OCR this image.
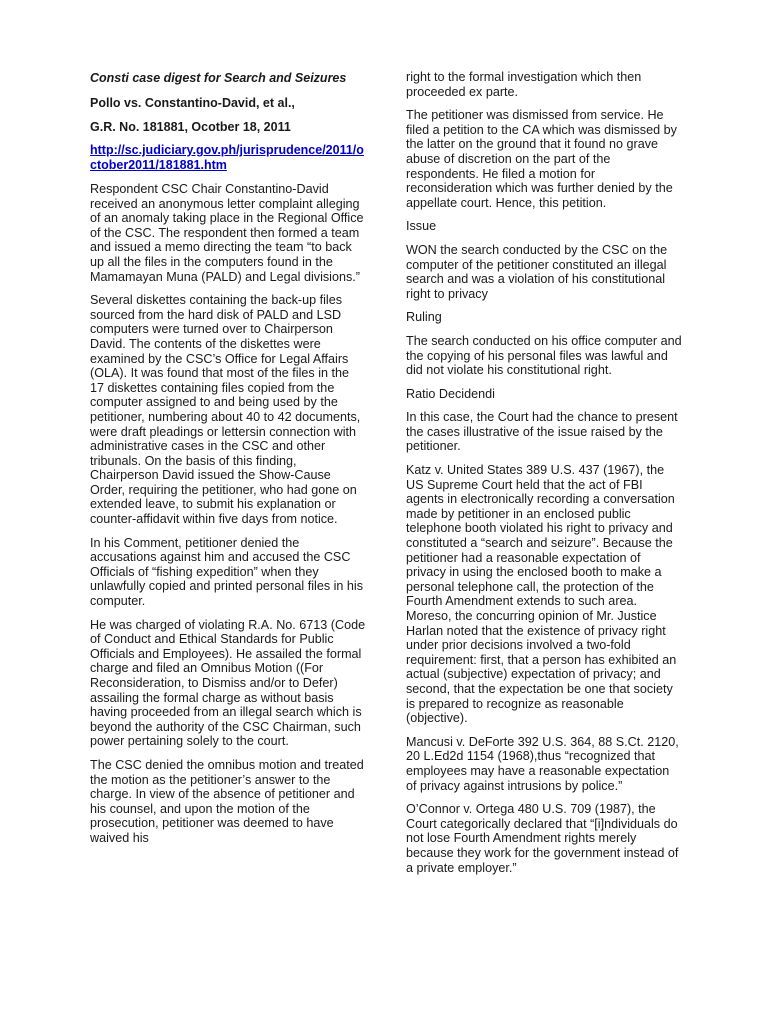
Consti case digest for Search and Seizures
Pollo vs. Constantino-David, et al.,
G.R. No. 181881, Ocotber 18, 2011
http://sc.judiciary.gov.ph/jurisprudence/2011/october2011/181881.htm

Respondent CSC Chair Constantino-David received an anonymous letter complaint alleging of an anomaly taking place in the Regional Office of the CSC. The respondent then formed a team and issued a memo directing the team “to back up all the files in the computers found in the Mamamayan Muna (PALD) and Legal divisions.”

Several diskettes containing the back-up files sourced from the hard disk of PALD and LSD computers were turned over to Chairperson David. The contents of the diskettes were examined by the CSC’s Office for Legal Affairs (OLA). It was found that most of the files in the 17 diskettes containing files copied from the computer assigned to and being used by the petitioner, numbering about 40 to 42 documents, were draft pleadings or lettersin connection with administrative cases in the CSC and other tribunals. On the basis of this finding, Chairperson David issued the Show-Cause Order, requiring the petitioner, who had gone on extended leave, to submit his explanation or counter-affidavit within five days from notice.

In his Comment, petitioner denied the accusations against him and accused the CSC Officials of “fishing expedition” when they unlawfully copied and printed personal files in his computer.

He was charged of violating R.A. No. 6713 (Code of Conduct and Ethical Standards for Public Officials and Employees). He assailed the formal charge and filed an Omnibus Motion ((For Reconsideration, to Dismiss and/or to Defer) assailing the formal charge as without basis having proceeded from an illegal search which is beyond the authority of the CSC Chairman, such power pertaining solely to the court.

The CSC denied the omnibus motion and treated the motion as the petitioner’s answer to the charge. In view of the absence of petitioner and his counsel, and upon the motion of the prosecution, petitioner was deemed to have waived his

right to the formal investigation which then proceeded ex parte.

The petitioner was dismissed from service. He filed a petition to the CA which was dismissed by the latter on the ground that it found no grave abuse of discretion on the part of the respondents. He filed a motion for reconsideration which was further denied by the appellate court. Hence, this petition.

Issue

WON the search conducted by the CSC on the computer of the petitioner constituted an illegal search and was a violation of his constitutional right to privacy

Ruling

The search conducted on his office computer and the copying of his personal files was lawful and did not violate his constitutional right.

Ratio Decidendi

In this case, the Court had the chance to present the cases illustrative of the issue raised by the petitioner.

Katz v. United States 389 U.S. 437 (1967), the US Supreme Court held that the act of FBI agents in electronically recording a conversation made by petitioner in an enclosed public telephone booth violated his right to privacy and constituted a “search and seizure”. Because the petitioner had a reasonable expectation of privacy in using the enclosed booth to make a personal telephone call, the protection of the Fourth Amendment extends to such area. Moreso, the concurring opinion of Mr. Justice Harlan noted that the existence of privacy right under prior decisions involved a two-fold requirement: first, that a person has exhibited an actual (subjective) expectation of privacy; and second, that the expectation be one that society is prepared to recognize as reasonable (objective).

Mancusi v. DeForte 392 U.S. 364, 88 S.Ct. 2120, 20 L.Ed2d 1154 (1968),thus “recognized that employees may have a reasonable expectation of privacy against intrusions by police.”

O’Connor v. Ortega 480 U.S. 709 (1987), the Court categorically declared that “[i]ndividuals do not lose Fourth Amendment rights merely because they work for the government instead of a private employer.”
